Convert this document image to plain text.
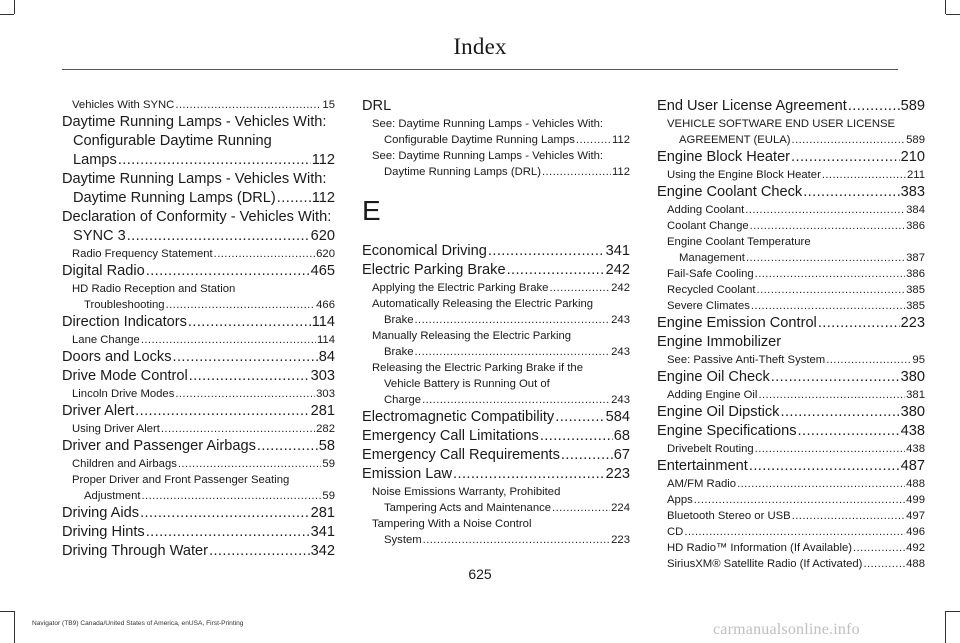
Index
Vehicles With SYNC .....	15
Daytime Running Lamps - Vehicles With:
Configurable Daytime Running
Lamps .....	112
Daytime Running Lamps - Vehicles With:
Daytime Running Lamps (DRL) ..... 112
Declaration of Conformity - Vehicles With:
SYNC 3 .....	620
Radio Frequency Statement .....	620
Digital Radio .....	465
HD Radio Reception and Station
Troubleshooting .....	466
Direction Indicators .....	114
Lane Change .....	114
Doors and Locks .....	84
Drive Mode Control .....	303
Lincoln Drive Modes .....	303
Driver Alert .....	281
Using Driver Alert .....	282
Driver and Passenger Airbags .....	58
Children and Airbags .....	59
Proper Driver and Front Passenger Seating
Adjustment .....	59
Driving Aids .....	281
Driving Hints .....	341
Driving Through Water .....	342
DRL
See: Daytime Running Lamps - Vehicles With:
Configurable Daytime Running Lamps .....	112
See: Daytime Running Lamps - Vehicles With:
Daytime Running Lamps (DRL) .....	112
E
Economical Driving .....	341
Electric Parking Brake .....	242
Applying the Electric Parking Brake .....	242
Automatically Releasing the Electric Parking
Brake .....	243
Manually Releasing the Electric Parking
Brake .....	243
Releasing the Electric Parking Brake if the
Vehicle Battery is Running Out of
Charge .....	243
Electromagnetic Compatibility .....	584
Emergency Call Limitations .....	68
Emergency Call Requirements .....	67
Emission Law .....	223
Noise Emissions Warranty, Prohibited
Tampering Acts and Maintenance .....	224
Tampering With a Noise Control
System .....	223
End User License Agreement .....	589
VEHICLE SOFTWARE END USER LICENSE
AGREEMENT (EULA) .....	589
Engine Block Heater .....	210
Using the Engine Block Heater .....	211
Engine Coolant Check .....	383
Adding Coolant .....	384
Coolant Change .....	386
Engine Coolant Temperature
Management .....	387
Fail-Safe Cooling .....	386
Recycled Coolant .....	385
Severe Climates .....	385
Engine Emission Control .....	223
Engine Immobilizer
See: Passive Anti-Theft System .....	95
Engine Oil Check .....	380
Adding Engine Oil .....	381
Engine Oil Dipstick .....	380
Engine Specifications .....	438
Drivebelt Routing .....	438
Entertainment .....	487
AM/FM Radio .....	488
Apps .....	499
Bluetooth Stereo or USB .....	497
CD .....	496
HD Radio™ Information (If Available) .....	492
SiriusXM® Satellite Radio (If Activated) .....	488
625
Navigator (TB9) Canada/United States of America, enUSA, First-Printing	carmanualsonline.info
